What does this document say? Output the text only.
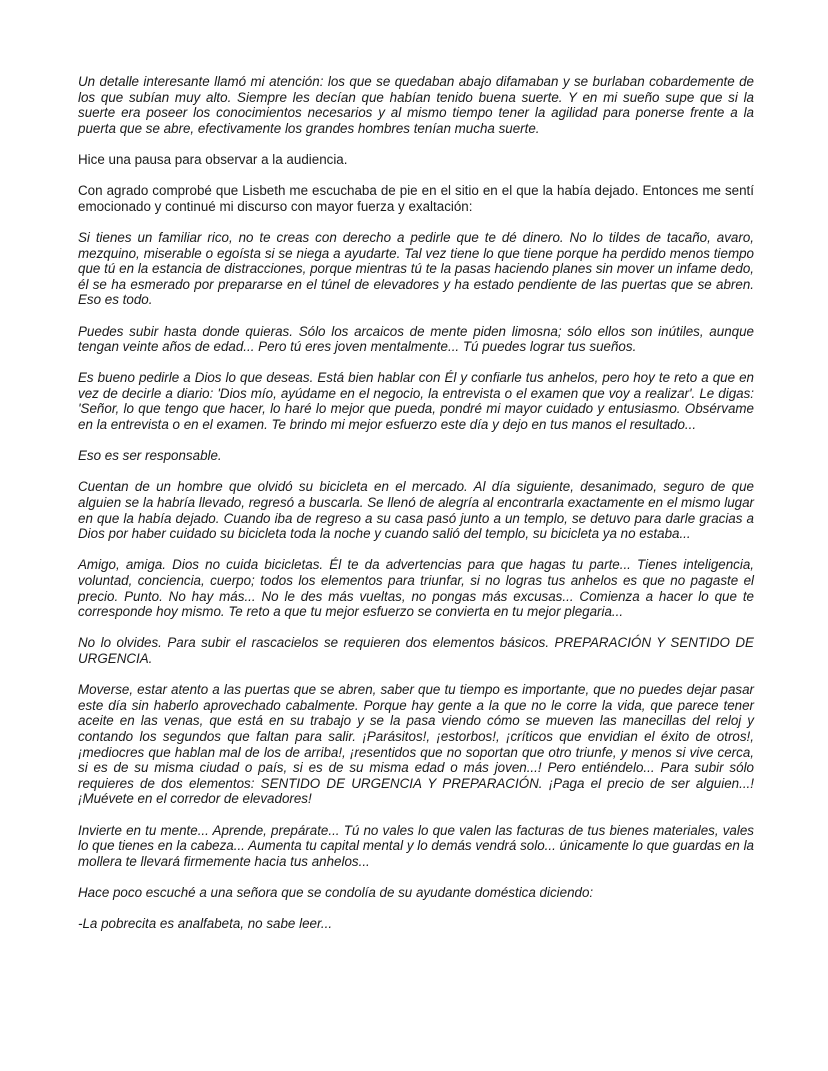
Un detalle interesante llamó mi atención: los que se quedaban abajo difamaban y se burlaban cobardemente de los que subían muy alto. Siempre les decían que habían tenido buena suerte. Y en mi sueño supe que si la suerte era poseer los conocimientos necesarios y al mismo tiempo tener la agilidad para ponerse frente a la puerta que se abre, efectivamente los grandes hombres tenían mucha suerte.

Hice una pausa para observar a la audiencia.

Con agrado comprobé que Lisbeth me escuchaba de pie en el sitio en el que la había dejado. Entonces me sentí emocionado y continué mi discurso con mayor fuerza y exaltación:

Si tienes un familiar rico, no te creas con derecho a pedirle que te dé dinero. No lo tildes de tacaño, avaro, mezquino, miserable o egoísta si se niega a ayudarte. Tal vez tiene lo que tiene porque ha perdido menos tiempo que tú en la estancia de distracciones, porque mientras tú te la pasas haciendo planes sin mover un infame dedo, él se ha esmerado por prepararse en el túnel de elevadores y ha estado pendiente de las puertas que se abren. Eso es todo.

Puedes subir hasta donde quieras. Sólo los arcaicos de mente piden limosna; sólo ellos son inútiles, aunque tengan veinte años de edad... Pero tú eres joven mentalmente... Tú puedes lograr tus sueños.

Es bueno pedirle a Dios lo que deseas. Está bien hablar con Él y confiarle tus anhelos, pero hoy te reto a que en vez de decirle a diario: 'Dios mío, ayúdame en el negocio, la entrevista o el examen que voy a realizar'. Le digas: 'Señor, lo que tengo que hacer, lo haré lo mejor que pueda, pondré mi mayor cuidado y entusiasmo. Obsérvame en la entrevista o en el examen. Te brindo mi mejor esfuerzo este día y dejo en tus manos el resultado...

Eso es ser responsable.

Cuentan de un hombre que olvidó su bicicleta en el mercado. Al día siguiente, desanimado, seguro de que alguien se la habría llevado, regresó a buscarla. Se llenó de alegría al encontrarla exactamente en el mismo lugar en que la había dejado. Cuando iba de regreso a su casa pasó junto a un templo, se detuvo para darle gracias a Dios por haber cuidado su bicicleta toda la noche y cuando salió del templo, su bicicleta ya no estaba...

Amigo, amiga. Dios no cuida bicicletas. Él te da advertencias para que hagas tu parte... Tienes inteligencia, voluntad, conciencia, cuerpo; todos los elementos para triunfar, si no logras tus anhelos es que no pagaste el precio. Punto. No hay más... No le des más vueltas, no pongas más excusas... Comienza a hacer lo que te corresponde hoy mismo. Te reto a que tu mejor esfuerzo se convierta en tu mejor plegaria...

No lo olvides. Para subir el rascacielos se requieren dos elementos básicos. PREPARACIÓN Y SENTIDO DE URGENCIA.

Moverse, estar atento a las puertas que se abren, saber que tu tiempo es importante, que no puedes dejar pasar este día sin haberlo aprovechado cabalmente. Porque hay gente a la que no le corre la vida, que parece tener aceite en las venas, que está en su trabajo y se la pasa viendo cómo se mueven las manecillas del reloj y contando los segundos que faltan para salir. ¡Parásitos!, ¡estorbos!, ¡críticos que envidian el éxito de otros!, ¡mediocres que hablan mal de los de arriba!, ¡resentidos que no soportan que otro triunfe, y menos si vive cerca, si es de su misma ciudad o país, si es de su misma edad o más joven...! Pero entiéndelo... Para subir sólo requieres de dos elementos: SENTIDO DE URGENCIA Y PREPARACIÓN. ¡Paga el precio de ser alguien...! ¡Muévete en el corredor de elevadores!

Invierte en tu mente... Aprende, prepárate... Tú no vales lo que valen las facturas de tus bienes materiales, vales lo que tienes en la cabeza... Aumenta tu capital mental y lo demás vendrá solo... únicamente lo que guardas en la mollera te llevará firmemente hacia tus anhelos...

Hace poco escuché a una señora que se condolía de su ayudante doméstica diciendo:

-La pobrecita es analfabeta, no sabe leer...
